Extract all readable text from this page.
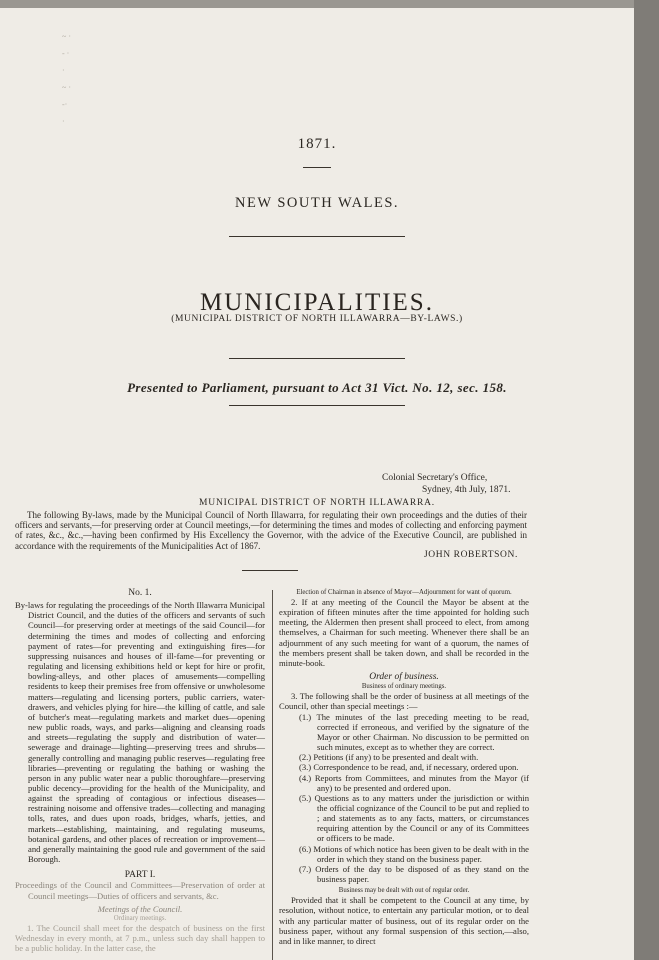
~ ·
- ·
·
~ ·
-·
·
1871.
NEW SOUTH WALES.
MUNICIPALITIES.
(MUNICIPAL DISTRICT OF NORTH ILLAWARRA—BY-LAWS.)
Presented to Parliament, pursuant to Act 31 Vict. No. 12, sec. 158.
Colonial Secretary's Office,
Sydney, 4th July, 1871.
MUNICIPAL DISTRICT OF NORTH ILLAWARRA.
The following By-laws, made by the Municipal Council of North Illawarra, for regulating their own proceedings and the duties of their officers and servants,—for preserving order at Council meetings,—for determining the times and modes of collecting and enforcing payment of rates, &c., &c.,—having been confirmed by His Excellency the Governor, with the advice of the Executive Council, are published in accordance with the requirements of the Municipalities Act of 1867.
JOHN ROBERTSON.
No. 1.
By-laws for regulating the proceedings of the North Illawarra Municipal District Council, and the duties of the officers and servants of such Council—for preserving order at meetings of the said Council—for determining the times and modes of collecting and enforcing payment of rates—for preventing and extinguishing fires—for suppressing nuisances and houses of ill-fame—for preventing or regulating and licensing exhibitions held or kept for hire or profit, bowling-alleys, and other places of amusements—compelling residents to keep their premises free from offensive or unwholesome matters—regulating and licensing porters, public carriers, water-drawers, and vehicles plying for hire—the killing of cattle, and sale of butcher's meat—regulating markets and market dues—opening new public roads, ways, and parks—aligning and cleansing roads and streets—regulating the supply and distribution of water—sewerage and drainage—lighting—preserving trees and shrubs—generally controlling and managing public reserves—regulating free libraries—preventing or regulating the bathing or washing the person in any public water near a public thoroughfare—preserving public decency—providing for the health of the Municipality, and against the spreading of contagious or infectious diseases—restraining noisome and offensive trades—collecting and managing tolls, rates, and dues upon roads, bridges, wharfs, jetties, and markets—establishing, maintaining, and regulating museums, botanical gardens, and other places of recreation or improvement—and generally maintaining the good rule and government of the said Borough.
PART I.
Proceedings of the Council and Committees—Preservation of order at Council meetings—Duties of officers and servants, &c.
Meetings of the Council.
Ordinary meetings.
1. The Council shall meet for the despatch of business on the first Wednesday in every month, at 7 p.m., unless such day shall happen to be a public holiday. In the latter case, the
Election of Chairman in absence of Mayor—Adjournment for want of quorum.
2. If at any meeting of the Council the Mayor be absent at the expiration of fifteen minutes after the time appointed for holding such meeting, the Aldermen then present shall proceed to elect, from among themselves, a Chairman for such meeting. Whenever there shall be an adjournment of any such meeting for want of a quorum, the names of the members present shall be taken down, and shall be recorded in the minute-book.
Order of business.
Business of ordinary meetings.
3. The following shall be the order of business at all meetings of the Council, other than special meetings :—
(1.) The minutes of the last preceding meeting to be read, corrected if erroneous, and verified by the signature of the Mayor or other Chairman. No discussion to be permitted on such minutes, except as to whether they are correct.
(2.) Petitions (if any) to be presented and dealt with.
(3.) Correspondence to be read, and, if necessary, ordered upon.
(4.) Reports from Committees, and minutes from the Mayor (if any) to be presented and ordered upon.
(5.) Questions as to any matters under the jurisdiction or within the official cognizance of the Council to be put and replied to ; and statements as to any facts, matters, or circumstances requiring attention by the Council or any of its Committees or officers to be made.
(6.) Motions of which notice has been given to be dealt with in the order in which they stand on the business paper.
(7.) Orders of the day to be disposed of as they stand on the business paper.
Business may be dealt with out of regular order.
Provided that it shall be competent to the Council at any time, by resolution, without notice, to entertain any particular motion, or to deal with any particular matter of business, out of its regular order on the business paper, without any formal suspension of this section,—also, and in like manner, to direct
